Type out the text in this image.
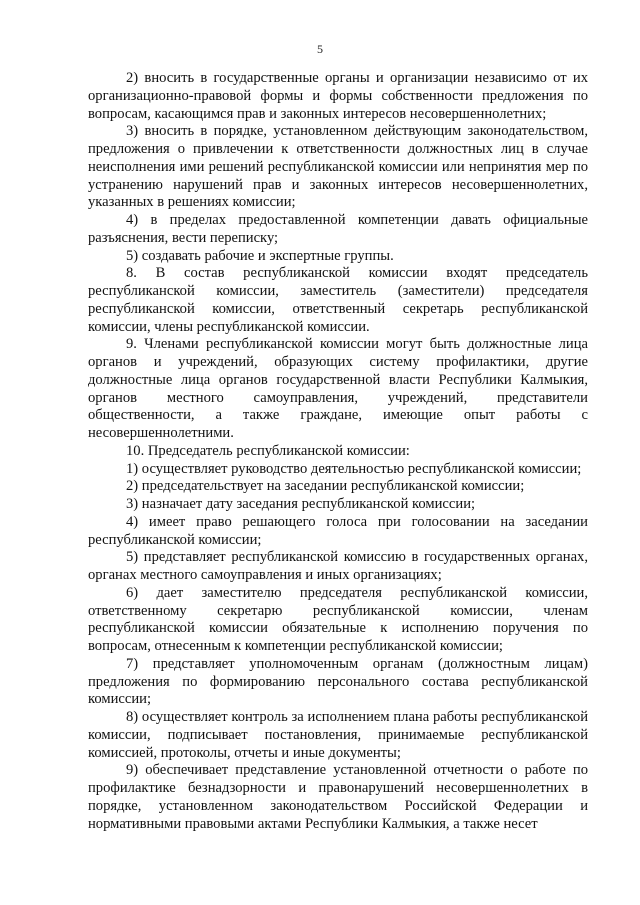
5

2) вносить в государственные органы и организации независимо от их организационно-правовой формы и формы собственности предложения по вопросам, касающимся прав и законных интересов несовершеннолетних;

3) вносить в порядке, установленном действующим законодательством, предложения о привлечении к ответственности должностных лиц в случае неисполнения ими решений республиканской комиссии или непринятия мер по устранению нарушений прав и законных интересов несовершеннолетних, указанных в решениях комиссии;

4) в пределах предоставленной компетенции давать официальные разъяснения, вести переписку;

5) создавать рабочие и экспертные группы.

8. В состав республиканской комиссии входят председатель республиканской комиссии, заместитель (заместители) председателя республиканской комиссии, ответственный секретарь республиканской комиссии, члены республиканской комиссии.

9. Членами республиканской комиссии могут быть должностные лица органов и учреждений, образующих систему профилактики, другие должностные лица органов государственной власти Республики Калмыкия, органов местного самоуправления, учреждений, представители общественности, а также граждане, имеющие опыт работы с несовершеннолетними.

10. Председатель республиканской комиссии:

1) осуществляет руководство деятельностью республиканской комиссии;

2) председательствует на заседании республиканской комиссии;

3) назначает дату заседания республиканской комиссии;

4) имеет право решающего голоса при голосовании на заседании республиканской комиссии;

5) представляет республиканской комиссию в государственных органах, органах местного самоуправления и иных организациях;

6) дает заместителю председателя республиканской комиссии, ответственному секретарю республиканской комиссии, членам республиканской комиссии обязательные к исполнению поручения по вопросам, отнесенным к компетенции республиканской комиссии;

7) представляет уполномоченным органам (должностным лицам) предложения по формированию персонального состава республиканской комиссии;

8) осуществляет контроль за исполнением плана работы республиканской комиссии, подписывает постановления, принимаемые республиканской комиссией, протоколы, отчеты и иные документы;

9) обеспечивает представление установленной отчетности о работе по профилактике безнадзорности и правонарушений несовершеннолетних в порядке, установленном законодательством Российской Федерации и нормативными правовыми актами Республики Калмыкия, а также несет
